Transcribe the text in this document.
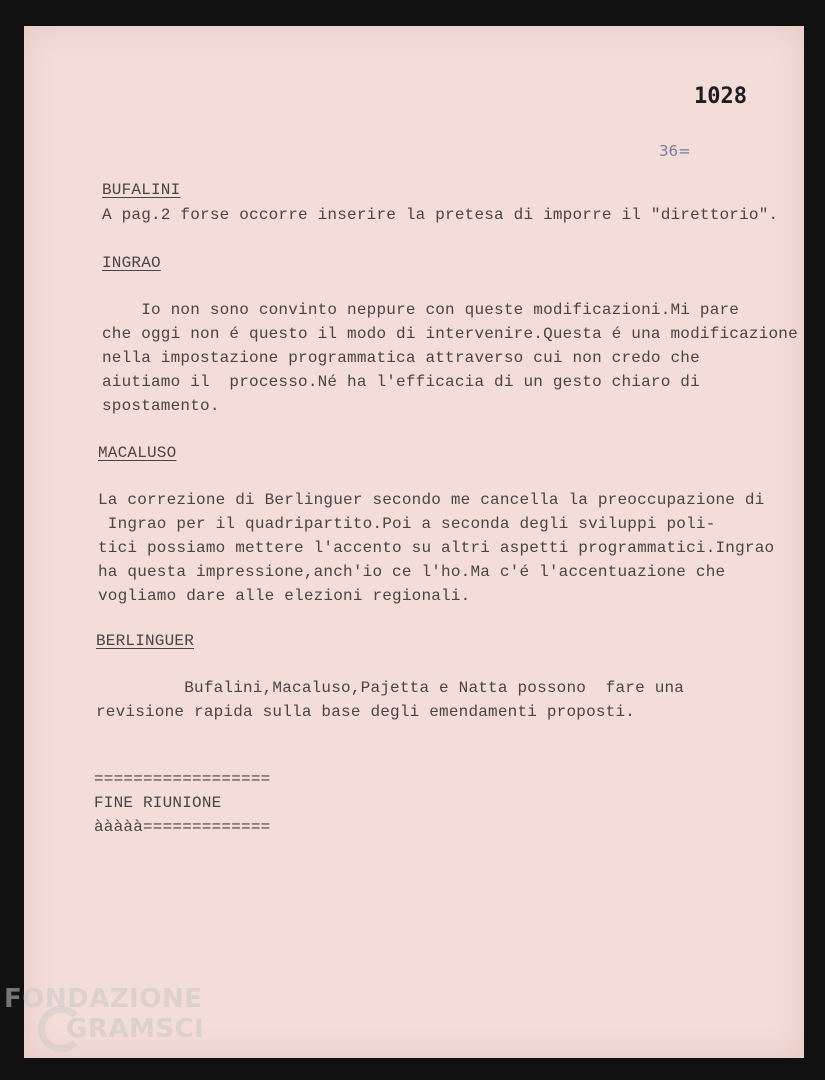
1028
36=
BUFALINI
A pag.2 forse occorre inserire la pretesa di imporre il "direttorio".
INGRAO
Io non sono convinto neppure con queste modificazioni.Mi pare
che oggi non é questo il modo di intervenire.Questa é una modificazione
nella impostazione programmatica attraverso cui non credo che
aiutiamo il  processo.Né ha l'efficacia di un gesto chiaro di
spostamento.
MACALUSO
La correzione di Berlinguer secondo me cancella la preoccupazione di
Ingrao per il quadripartito.Poi a seconda degli sviluppi poli-
tici possiamo mettere l'accento su altri aspetti programmatici.Ingrao
ha questa impressione,anch'io ce l'ho.Ma c'é l'accentuazione che
vogliamo dare alle elezioni regionali.
BERLINGUER
Bufalini,Macaluso,Pajetta e Natta possono  fare una
revisione rapida sulla base degli emendamenti proposti.
==================
FINE RIUNIONE
ààààà=============
FONDAZIONE
GRAMSCI
